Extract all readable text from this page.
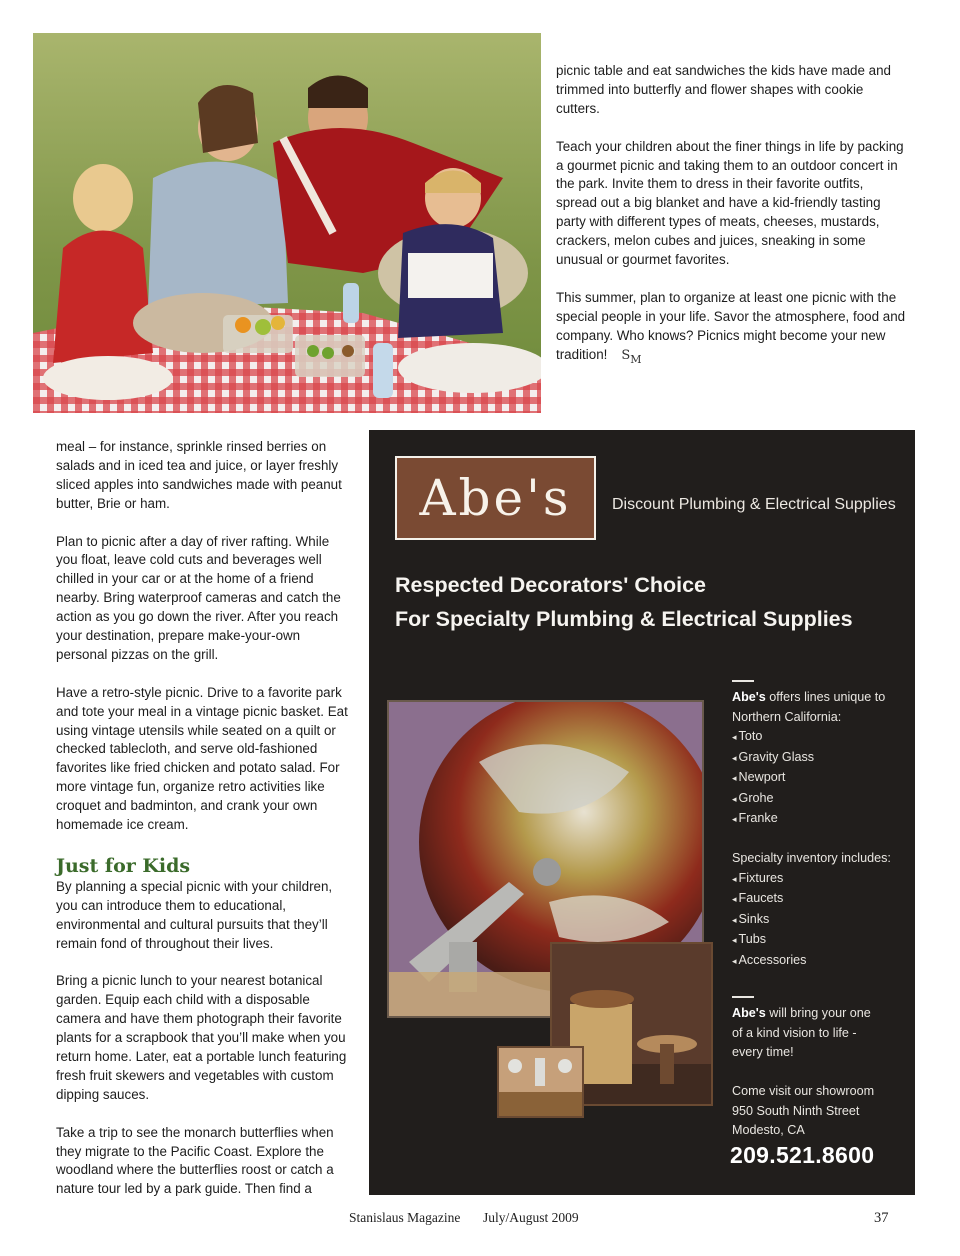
picnic table and eat sandwiches the kids have made and trimmed into butterfly and flower shapes with cookie cutters.

Teach your children about the finer things in life by packing a gourmet picnic and taking them to an outdoor concert in the park. Invite them to dress in their favorite outfits, spread out a big blanket and have a kid-friendly tasting party with different types of meats, cheeses, mustards, crackers, melon cubes and juices, sneaking in some unusual or gourmet favorites.

This summer, plan to organize at least one picnic with the special people in your life. Savor the atmosphere, food and company. Who knows? Picnics might become your new tradition! $S_M$

meal – for instance, sprinkle rinsed berries on salads and in iced tea and juice, or layer freshly sliced apples into sandwiches made with peanut butter, Brie or ham.

Plan to picnic after a day of river rafting. While you float, leave cold cuts and beverages well chilled in your car or at the home of a friend nearby. Bring waterproof cameras and catch the action as you go down the river. After you reach your destination, prepare make-your-own personal pizzas on the grill.

Have a retro-style picnic. Drive to a favorite park and tote your meal in a vintage picnic basket. Eat using vintage utensils while seated on a quilt or checked tablecloth, and serve old-fashioned favorites like fried chicken and potato salad. For more vintage fun, organize retro activities like croquet and badminton, and crank your own homemade ice cream.

Just for Kids

By planning a special picnic with your children, you can introduce them to educational, environmental and cultural pursuits that they’ll remain fond of throughout their lives.

Bring a picnic lunch to your nearest botanical garden. Equip each child with a disposable camera and have them photograph their favorite plants for a scrapbook that you’ll make when you return home. Later, eat a portable lunch featuring fresh fruit skewers and vegetables with custom dipping sauces.

Take a trip to see the monarch butterflies when they migrate to the Pacific Coast. Explore the woodland where the butterflies roost or catch a nature tour led by a park guide. Then find a

Abe's	Discount Plumbing & Electrical Supplies
Respected Decorators' Choice
For Specialty Plumbing & Electrical Supplies

Abe's offers lines unique to Northern California:

◂ Toto
◂ Gravity Glass
◂ Newport
◂ Grohe
◂ Franke

Specialty inventory includes:

◂ Fixtures
◂ Faucets
◂ Sinks
◂ Tubs
◂ Accessories

Abe's will bring your one of a kind vision to life - every time!

Come visit our showroom

950 South Ninth Street

Modesto, CA

209.521.8600
Stanislaus Magazine July/August 2009	37
